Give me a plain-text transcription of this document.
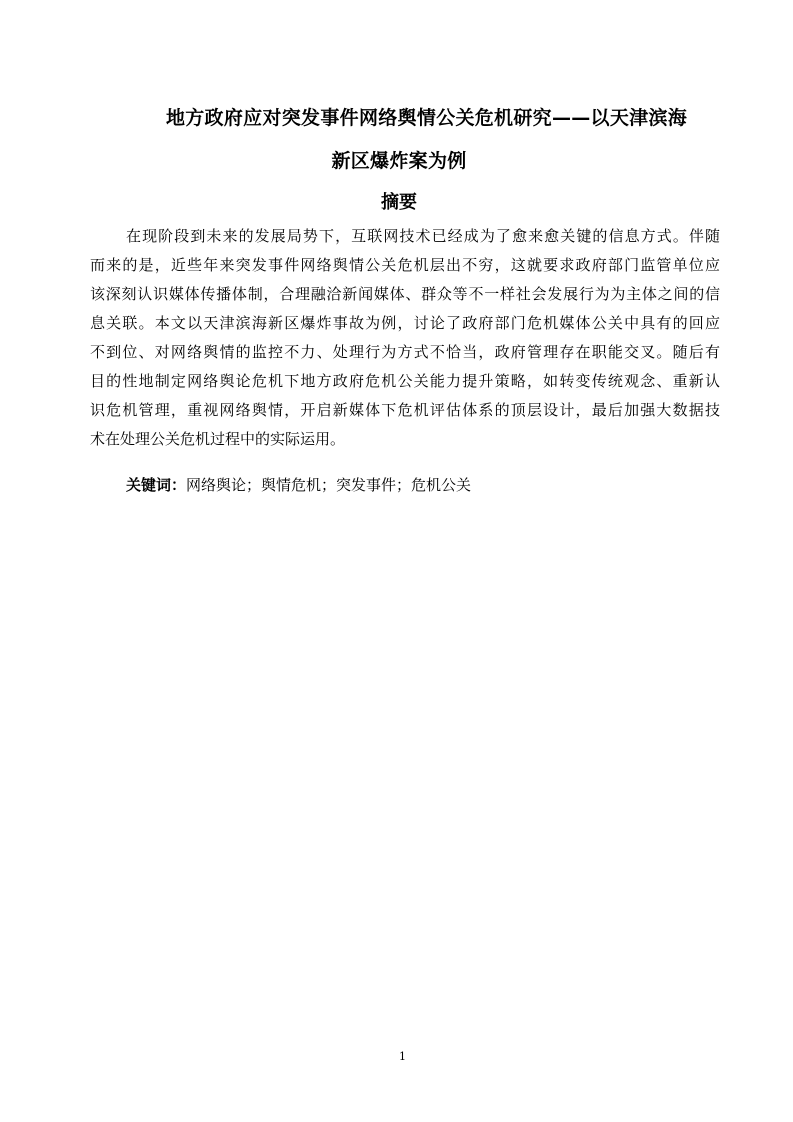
地方政府应对突发事件网络舆情公关危机研究——以天津滨海
新区爆炸案为例
摘要
在现阶段到未来的发展局势下，互联网技术已经成为了愈来愈关键的信息方式。伴随
而来的是，近些年来突发事件网络舆情公关危机层出不穷，这就要求政府部门监管单位应
该深刻认识媒体传播体制，合理融洽新闻媒体、群众等不一样社会发展行为为主体之间的信
息关联。本文以天津滨海新区爆炸事故为例，讨论了政府部门危机媒体公关中具有的回应
不到位、对网络舆情的监控不力、处理行为方式不恰当，政府管理存在职能交叉。随后有
目的性地制定网络舆论危机下地方政府危机公关能力提升策略，如转变传统观念、重新认
识危机管理，重视网络舆情，开启新媒体下危机评估体系的顶层设计，最后加强大数据技
术在处理公关危机过程中的实际运用。
关键词：网络舆论；舆情危机；突发事件；危机公关
1
